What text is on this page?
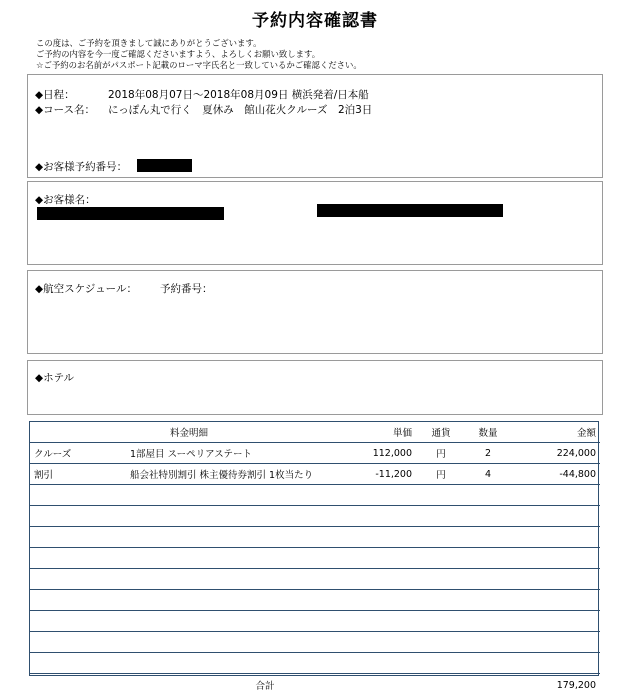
予約内容確認書
この度は、ご予約を頂きまして誠にありがとうございます。
ご予約の内容を今一度ご確認くださいますよう、よろしくお願い致します。
☆ご予約のお名前がパスポート記載のローマ字氏名と一致しているかご確認ください。
◆日程：	2018年08月07日〜2018年08月09日 横浜発着/日本船
◆コース名： にっぽん丸で行く　夏休み　館山花火クルーズ　2泊3日
◆お客様予約番号：
◆お客様名：
◆航空スケジュール： 予約番号：
◆ホテル
料金明細		単価	通貨	数量	金額
クルーズ	1部屋目 スーペリアステート	112,000	円	2	224,000
割引	船会社特別割引 株主優待券割引 1枚当たり	-11,200	円	4	-44,800

	合計				179,200
